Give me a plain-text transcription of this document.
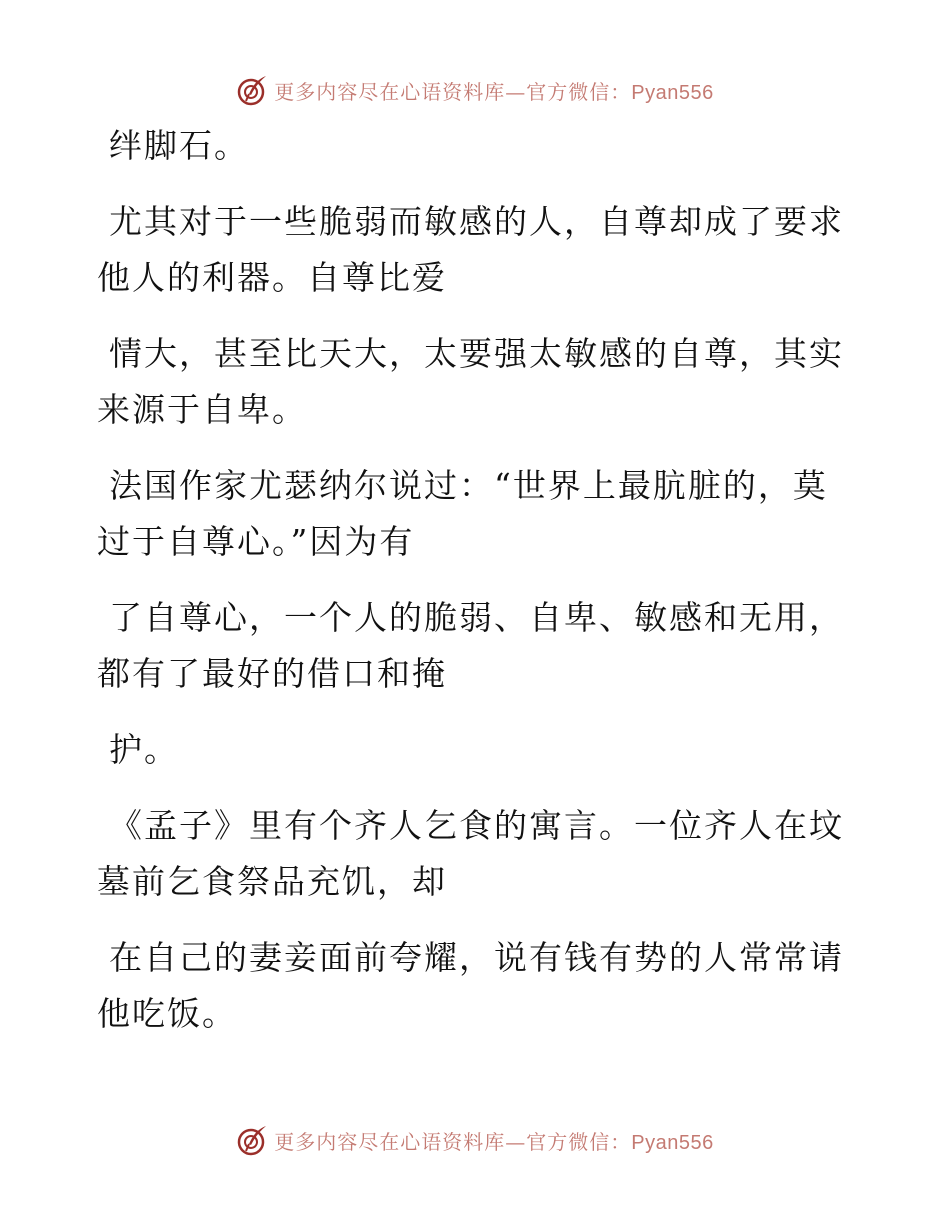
更多内容尽在心语资料库—官方微信：Pyan556
绊脚石。
尤其对于一些脆弱而敏感的人，自尊却成了要求
他人的利器。自尊比爱
情大，甚至比天大，太要强太敏感的自尊，其实
来源于自卑。
法国作家尤瑟纳尔说过：“世界上最肮脏的，莫
过于自尊心。”因为有
了自尊心，一个人的脆弱、自卑、敏感和无用，
都有了最好的借口和掩
护。
《孟子》里有个齐人乞食的寓言。一位齐人在坟
墓前乞食祭品充饥，却
在自己的妻妾面前夸耀，说有钱有势的人常常请
他吃饭。
更多内容尽在心语资料库—官方微信：Pyan556
